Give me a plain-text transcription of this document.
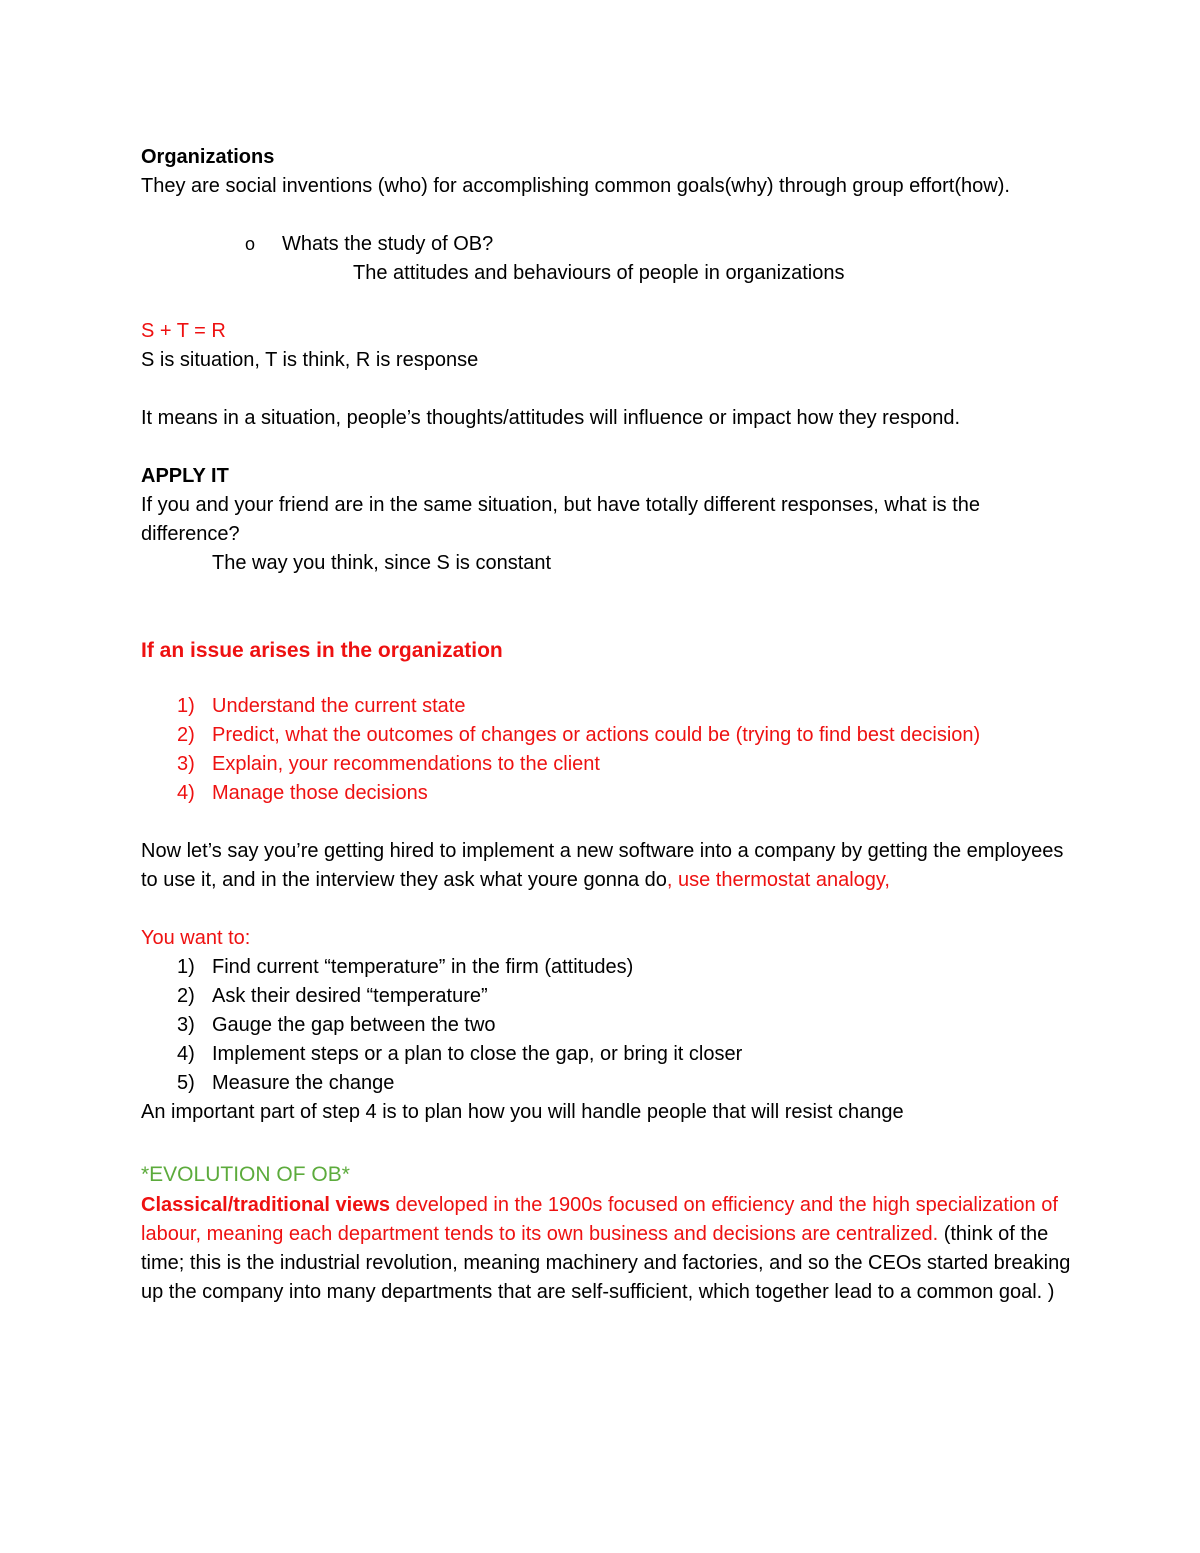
Organizations

They are social inventions (who) for accomplishing common goals(why) through group effort(how).

o	Whats the study of OB?

The attitudes and behaviours of people in organizations

S + T = R

S is situation, T is think, R is response

It means in a situation, people’s thoughts/attitudes will influence or impact how they respond.

APPLY IT

If you and your friend are in the same situation, but have totally different responses, what is the difference?

The way you think, since S is constant

If an issue arises in the organization

1) Understand the current state
2) Predict, what the outcomes of changes or actions could be (trying to find best decision)
3) Explain, your recommendations to the client
4) Manage those decisions

Now let’s say you’re getting hired to implement a new software into a company by getting the employees to use it, and in the interview they ask what youre gonna do, use thermostat analogy,

You want to:

1) Find current “temperature” in the firm (attitudes)
2) Ask their desired “temperature”
3) Gauge the gap between the two
4) Implement steps or a plan to close the gap, or bring it closer
5) Measure the change

An important part of step 4 is to plan how you will handle people that will resist change

*EVOLUTION OF OB*

Classical/traditional views developed in the 1900s focused on efficiency and the high specialization of labour, meaning each department tends to its own business and decisions are centralized. (think of the time; this is the industrial revolution, meaning machinery and factories, and so the CEOs started breaking up the company into many departments that are self-sufficient, which together lead to a common goal. )
